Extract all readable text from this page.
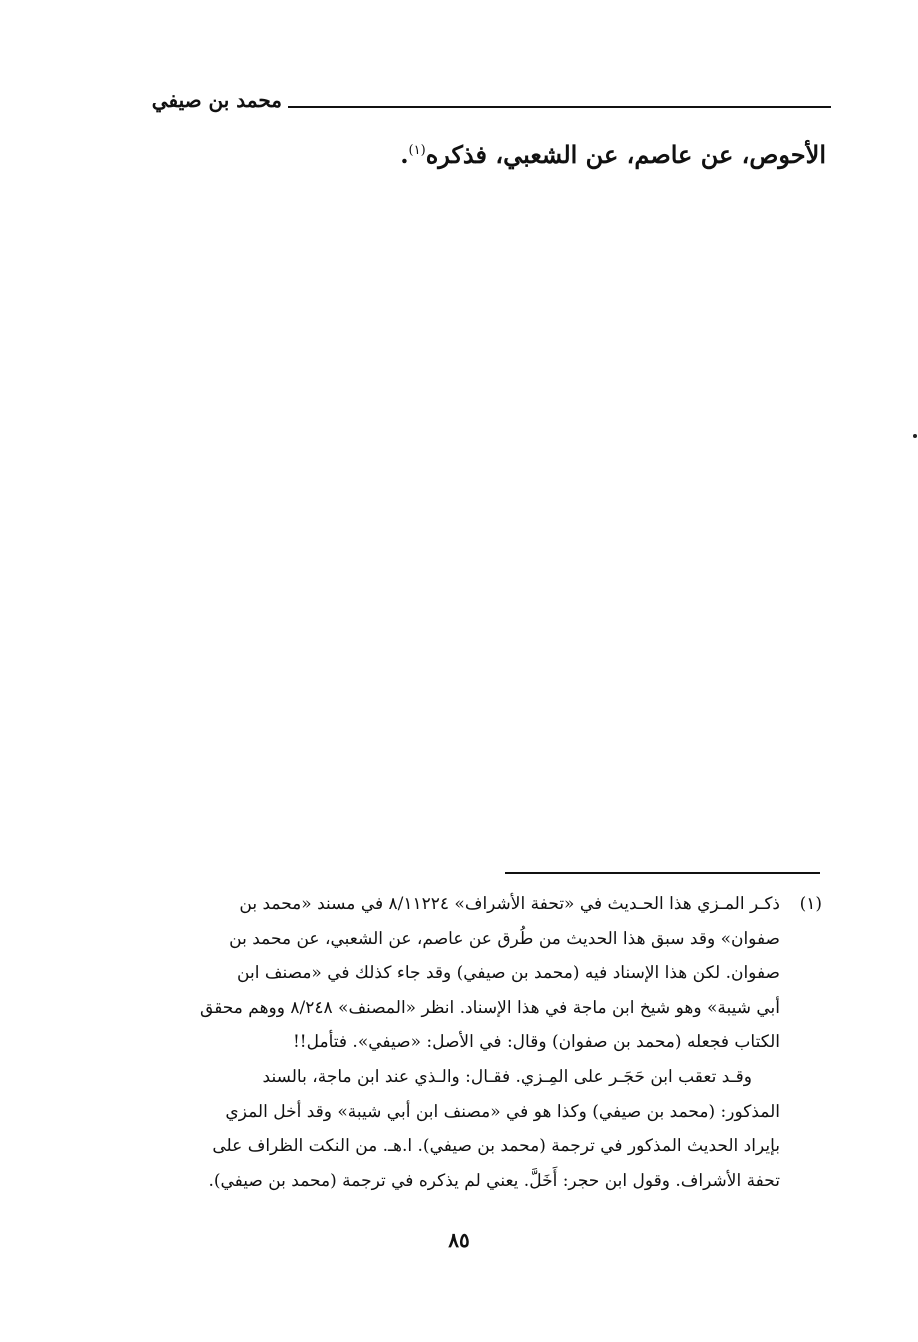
محمد بن صيفي
الأحوص، عن عاصم، عن الشعبي، فذكره$^{(١)}$.
(١)
ذكـر المـزي هذا الحـديث في «تحفة الأشراف» ٨/١١٢٢٤ في مسند «محمد بن
صفوان» وقد سبق هذا الحديث من طُرق عن عاصم، عن الشعبي، عن محمد بن
صفوان. لكن هذا الإسناد فيه (محمد بن صيفي) وقد جاء كذلك في «مصنف ابن
أبي شيبة» وهو شيخ ابن ماجة في هذا الإسناد. انظر «المصنف» ٨/٢٤٨ ووهم محقق
الكتاب فجعله (محمد بن صفوان) وقال: في الأصل: «صيفي». فتأمل!!
وقـد تعقب ابن حَجَـر على المِـزي. فقـال: والـذي عند ابن ماجة، بالسند
المذكور: (محمد بن صيفي) وكذا هو في «مصنف ابن أبي شيبة» وقد أخل المزي
بإيراد الحديث المذكور في ترجمة (محمد بن صيفي). ا.هـ. من النكت الظراف على
تحفة الأشراف. وقول ابن حجر: أَخَلَّ. يعني لم يذكره في ترجمة (محمد بن صيفي).
٨٥
